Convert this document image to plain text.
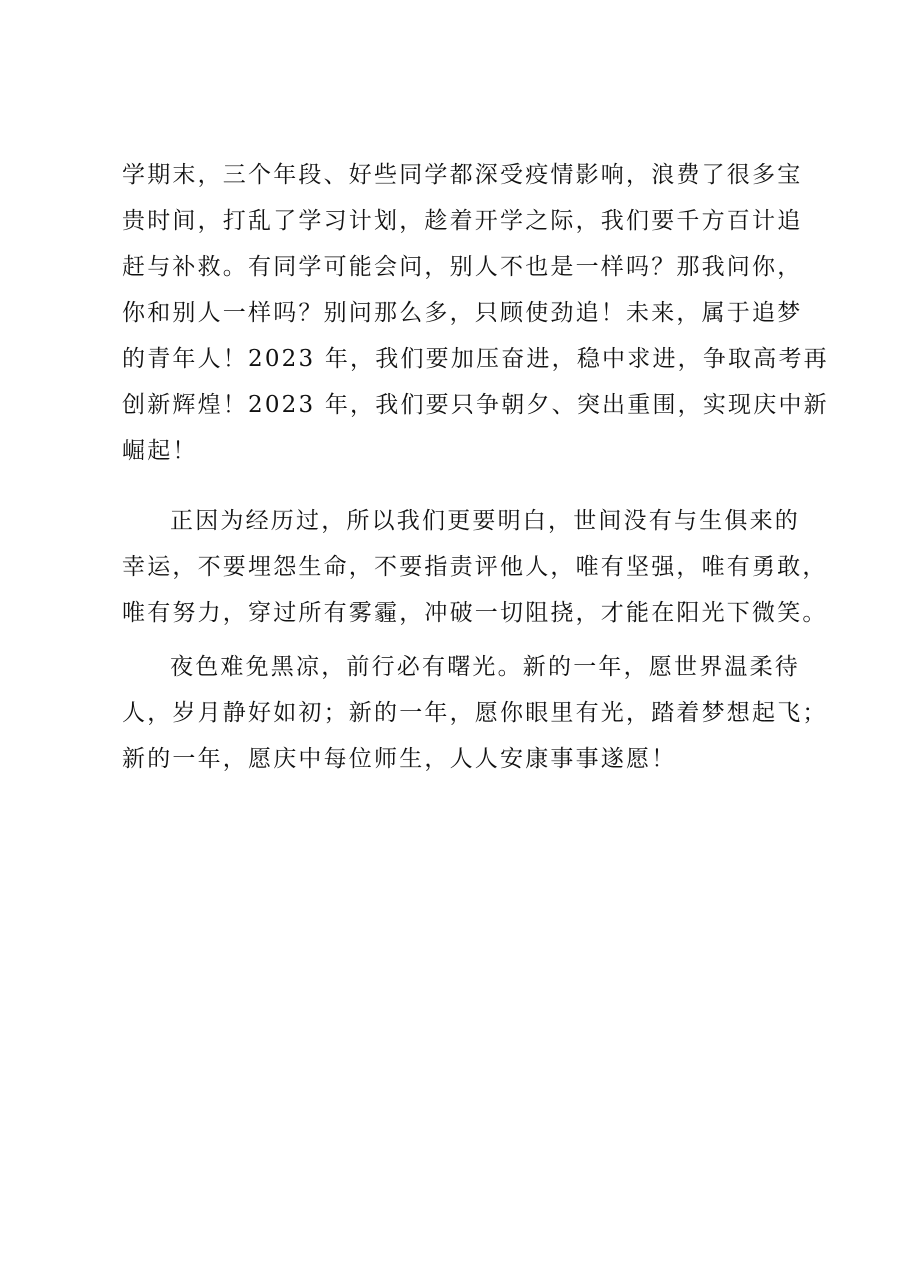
学期末，三个年段、好些同学都深受疫情影响，浪费了很多宝

贵时间，打乱了学习计划，趁着开学之际，我们要千方百计追

赶与补救。有同学可能会问，别人不也是一样吗？那我问你，

你和别人一样吗？别问那么多，只顾使劲追！未来，属于追梦

的青年人！2023 年，我们要加压奋进，稳中求进，争取高考再

创新辉煌！2023 年，我们要只争朝夕、突出重围，实现庆中新

崛起！

正因为经历过，所以我们更要明白，世间没有与生俱来的

幸运，不要埋怨生命，不要指责评他人，唯有坚强，唯有勇敢，

唯有努力，穿过所有雾霾，冲破一切阻挠，才能在阳光下微笑。

夜色难免黑凉，前行必有曙光。新的一年，愿世界温柔待

人，岁月静好如初；新的一年，愿你眼里有光，踏着梦想起飞；

新的一年，愿庆中每位师生，人人安康事事遂愿！
